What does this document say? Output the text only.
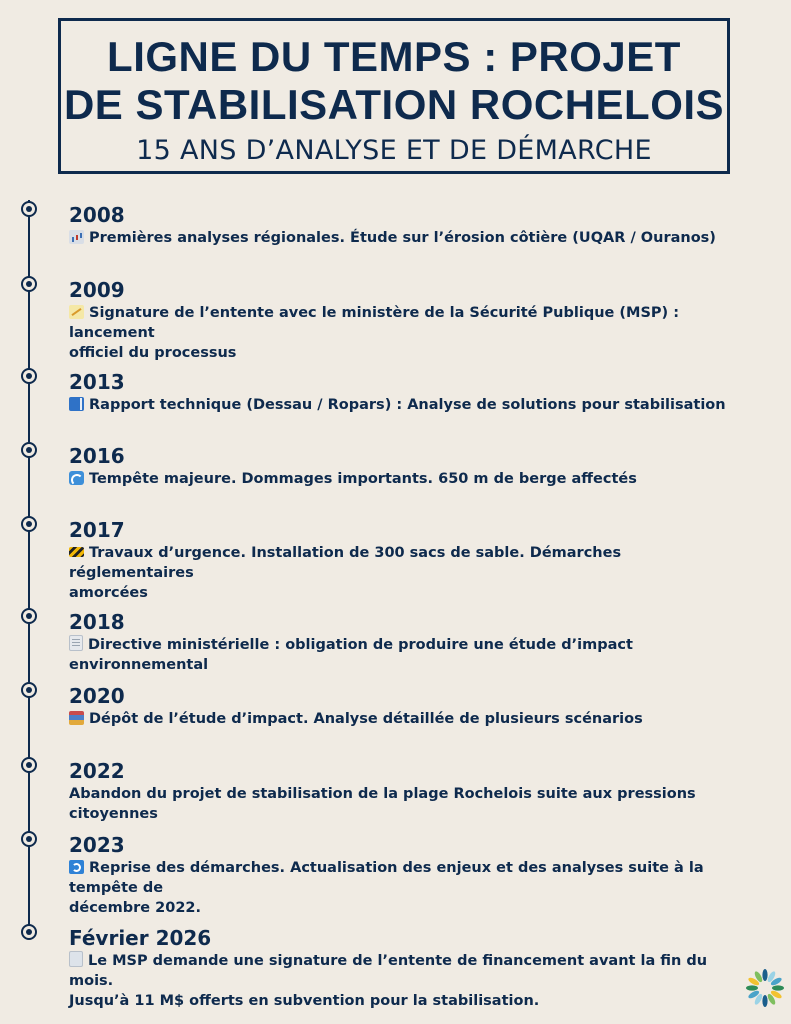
LIGNE DU TEMPS : PROJET
DE STABILISATION ROCHELOIS
15 ANS D’ANALYSE ET DE DÉMARCHE
2008
Premières analyses régionales. Étude sur l’érosion côtière (UQAR / Ouranos)
2009
Signature de l’entente avec le ministère de la Sécurité Publique (MSP) : lancement
officiel du processus
2013
Rapport technique (Dessau / Ropars) : Analyse de solutions pour stabilisation
2016
Tempête majeure. Dommages importants. 650 m de berge affectés
2017
Travaux d’urgence. Installation de 300 sacs de sable. Démarches réglementaires
amorcées
2018
Directive ministérielle : obligation de produire une étude d’impact environnemental
2020
Dépôt de l’étude d’impact. Analyse détaillée de plusieurs scénarios
2022
Abandon du projet de stabilisation de la plage Rochelois suite aux pressions citoyennes
2023
Reprise des démarches. Actualisation des enjeux et des analyses suite à la tempête de
décembre 2022.
Février 2026
Le MSP demande une signature de l’entente de financement avant la fin du mois.
Jusqu’à 11 M$ offerts en subvention pour la stabilisation.
